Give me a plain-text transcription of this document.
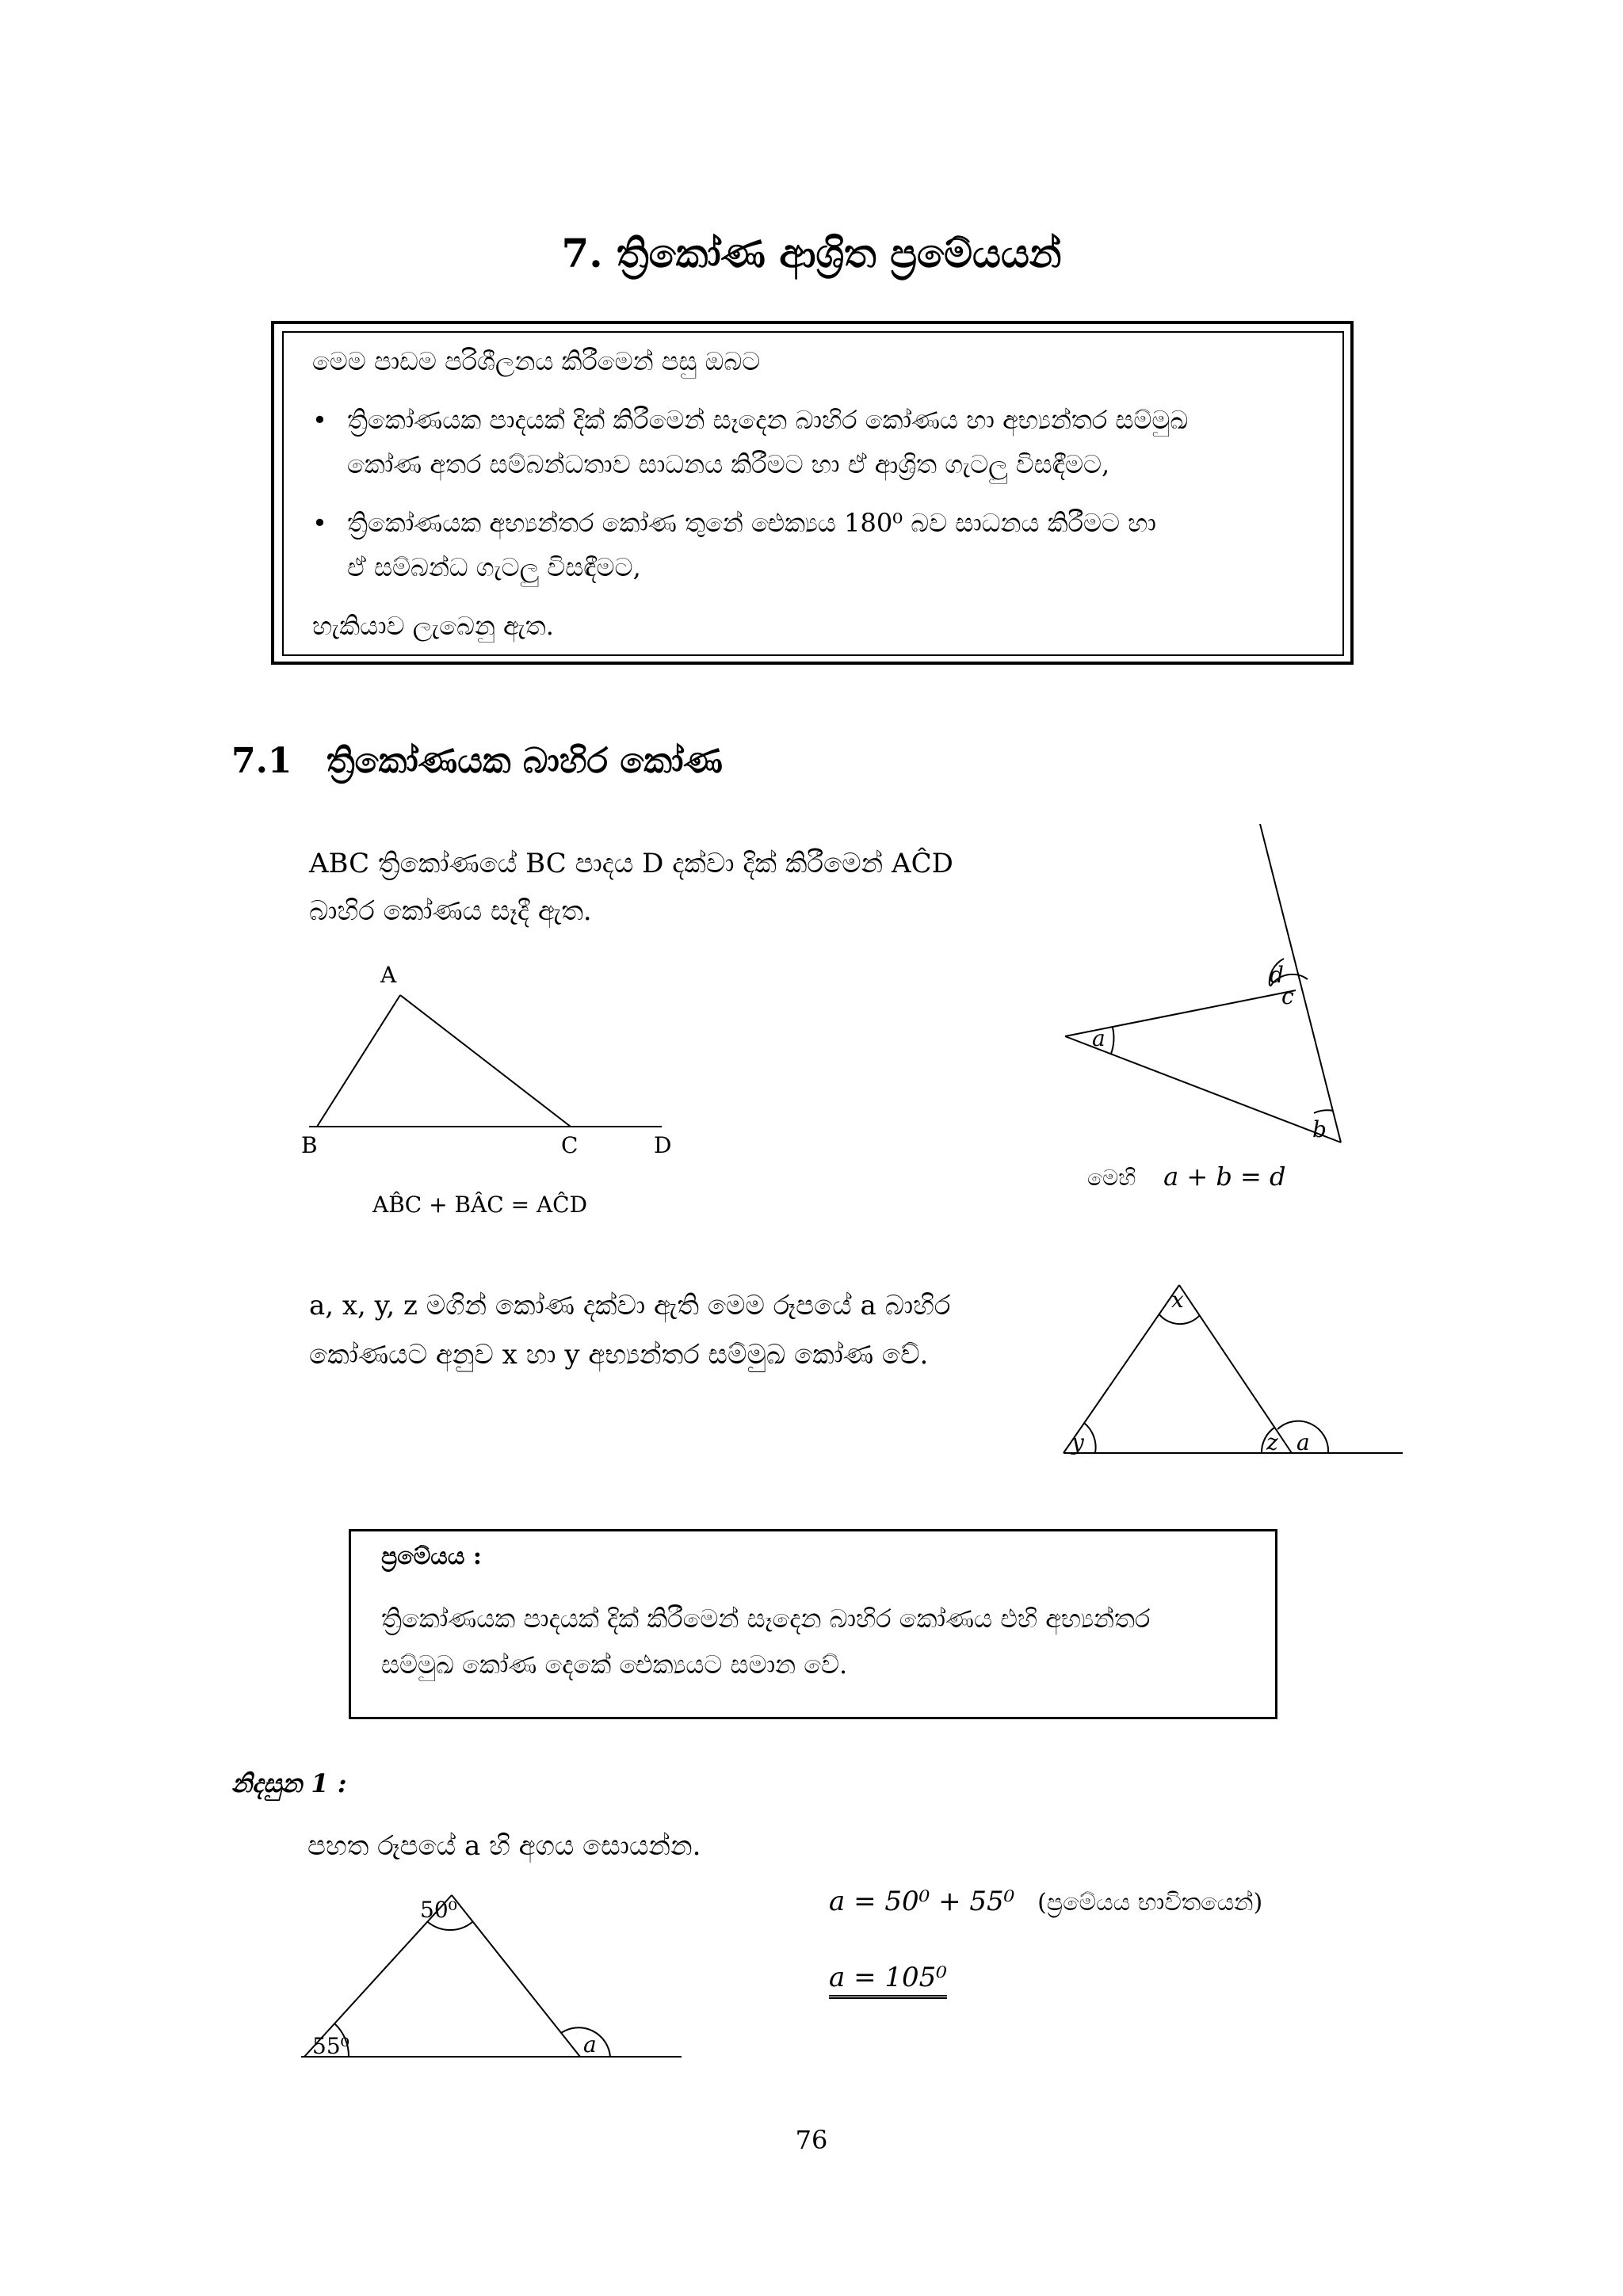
7. ත්‍රිකෝණ ආශ්‍රිත ප්‍රමේයයන්
මෙම පාඩම පරිශීලනය කිරීමෙන් පසු ඔබට
• ත්‍රිකෝණයක පාදයක් දික් කිරීමෙන් සෑදෙන බාහිර කෝණය හා අභ්‍යන්තර සම්මුඛ
කෝණ අතර සම්බන්ධතාව සාධනය කිරීමට හා ඒ ආශ්‍රිත ගැටලු විසඳීමට,
• ත්‍රිකෝණයක අභ්‍යන්තර කෝණ තුනේ ඓක්‍යය 180⁰ බව සාධනය කිරීමට හා
ඒ සම්බන්ධ ගැටලු විසඳීමට,
හැකියාව ලැබෙනු ඇත.
7.1 ත්‍රිකෝණයක බාහිර කෝණ
ABC ත්‍රිකෝණයේ BC පාදය D දක්වා දික් කිරීමෙන් AĈD
බාහිර කෝණය සෑදී ඇත.
A
B	C	D
AB̂C + BÂC = AĈD
a
b
c
d
මෙහි a + b = d
a, x, y, z මගින් කෝණ දක්වා ඇති මෙම රූපයේ a බාහිර
කෝණයට අනුව x හා y අභ්‍යන්තර සම්මුඛ කෝණ වේ.
x
y	z a
ප්‍රමේයය :
ත්‍රිකෝණයක පාදයක් දික් කිරීමෙන් සෑදෙන බාහිර කෝණය එහි අභ්‍යන්තර
සම්මුඛ කෝණ දෙකේ ඓක්‍යයට සමාන වේ.
නිදසුන 1 :
පහත රූපයේ a හි අගය සොයන්න.
50⁰
55⁰	a
a = 50⁰ + 55⁰ (ප්‍රමේයය භාවිතයෙන්)
a = 105⁰
76
